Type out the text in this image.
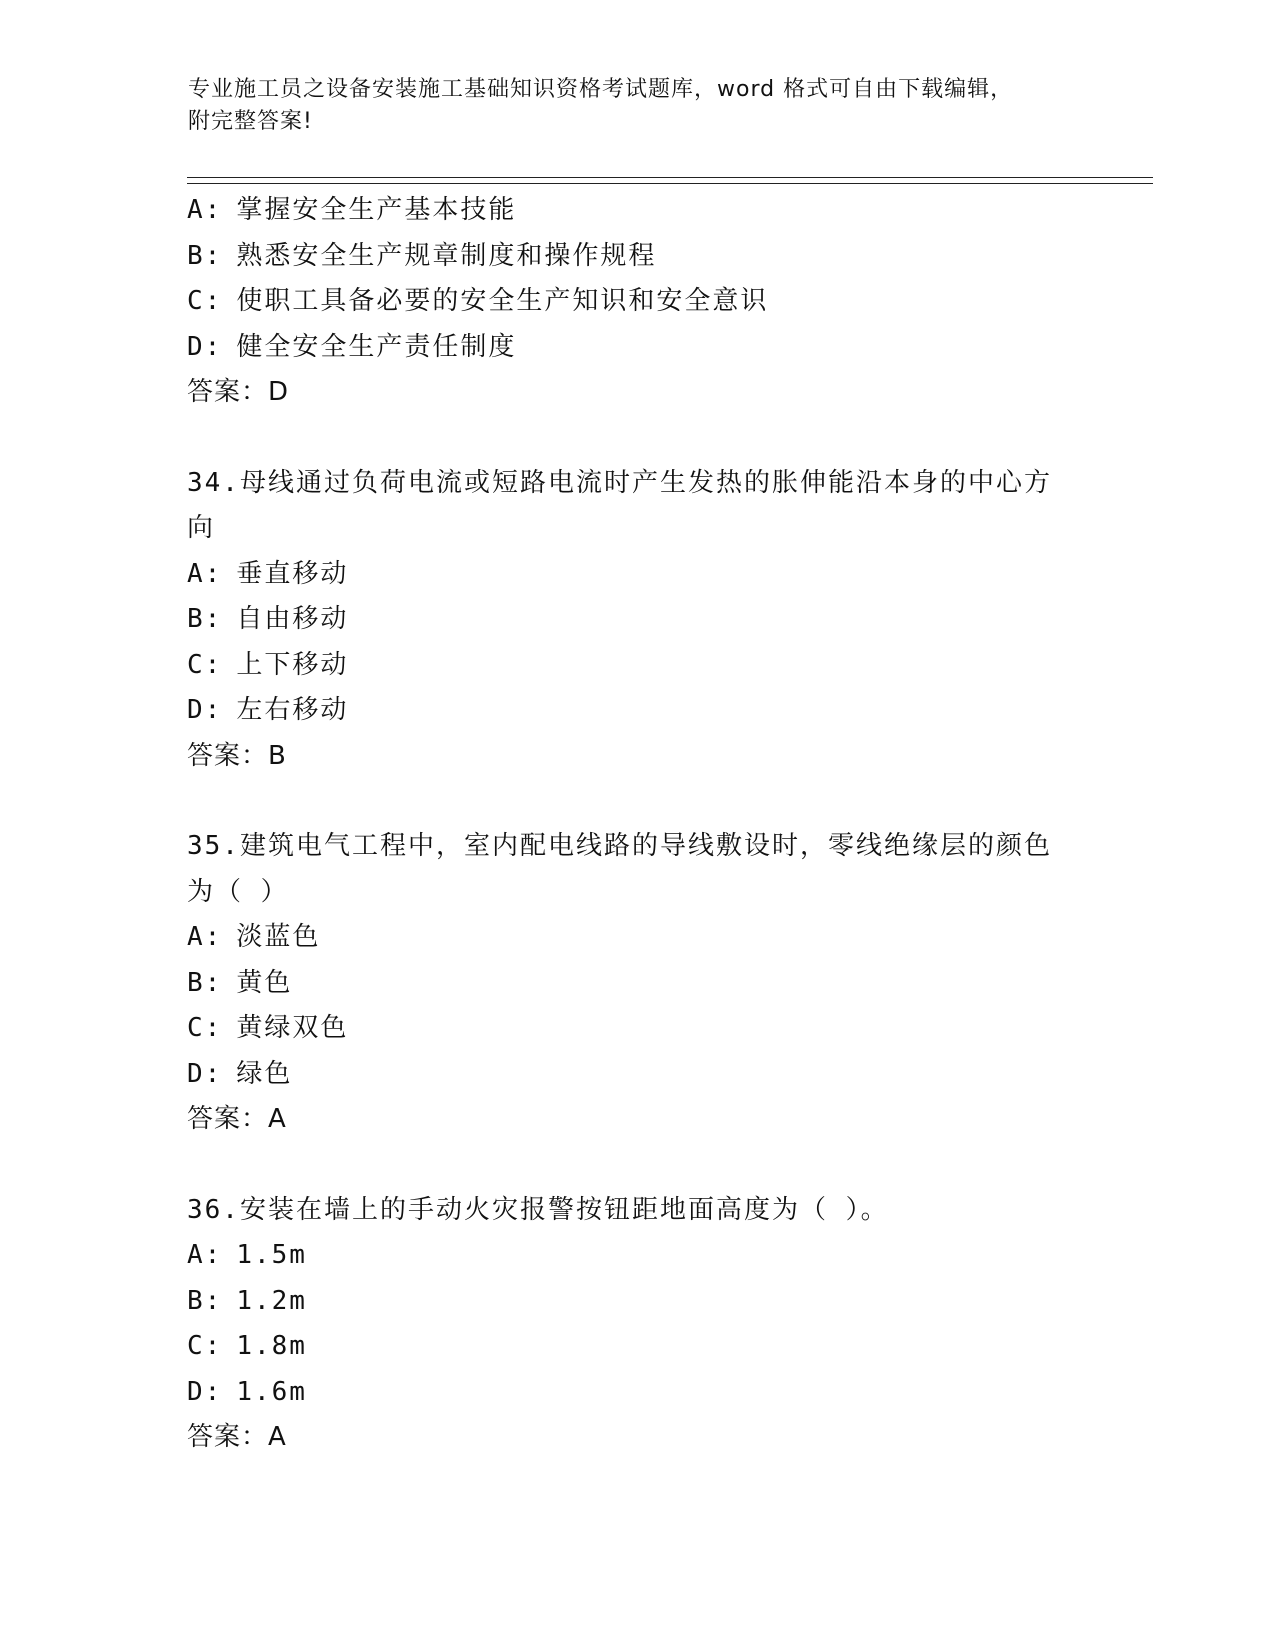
专业施工员之设备安装施工基础知识资格考试题库，word 格式可自由下载编辑，
附完整答案!
A: 掌握安全生产基本技能
B: 熟悉安全生产规章制度和操作规程
C: 使职工具备必要的安全生产知识和安全意识
D: 健全安全生产责任制度
答案：D
34.母线通过负荷电流或短路电流时产生发热的胀伸能沿本身的中心方
向
A: 垂直移动
B: 自由移动
C: 上下移动
D: 左右移动
答案：B
35.建筑电气工程中，室内配电线路的导线敷设时，零线绝缘层的颜色
为（ ）
A: 淡蓝色
B: 黄色
C: 黄绿双色
D: 绿色
答案：A
36.安装在墙上的手动火灾报警按钮距地面高度为（ ）。
A: 1.5m
B: 1.2m
C: 1.8m
D: 1.6m
答案：A
